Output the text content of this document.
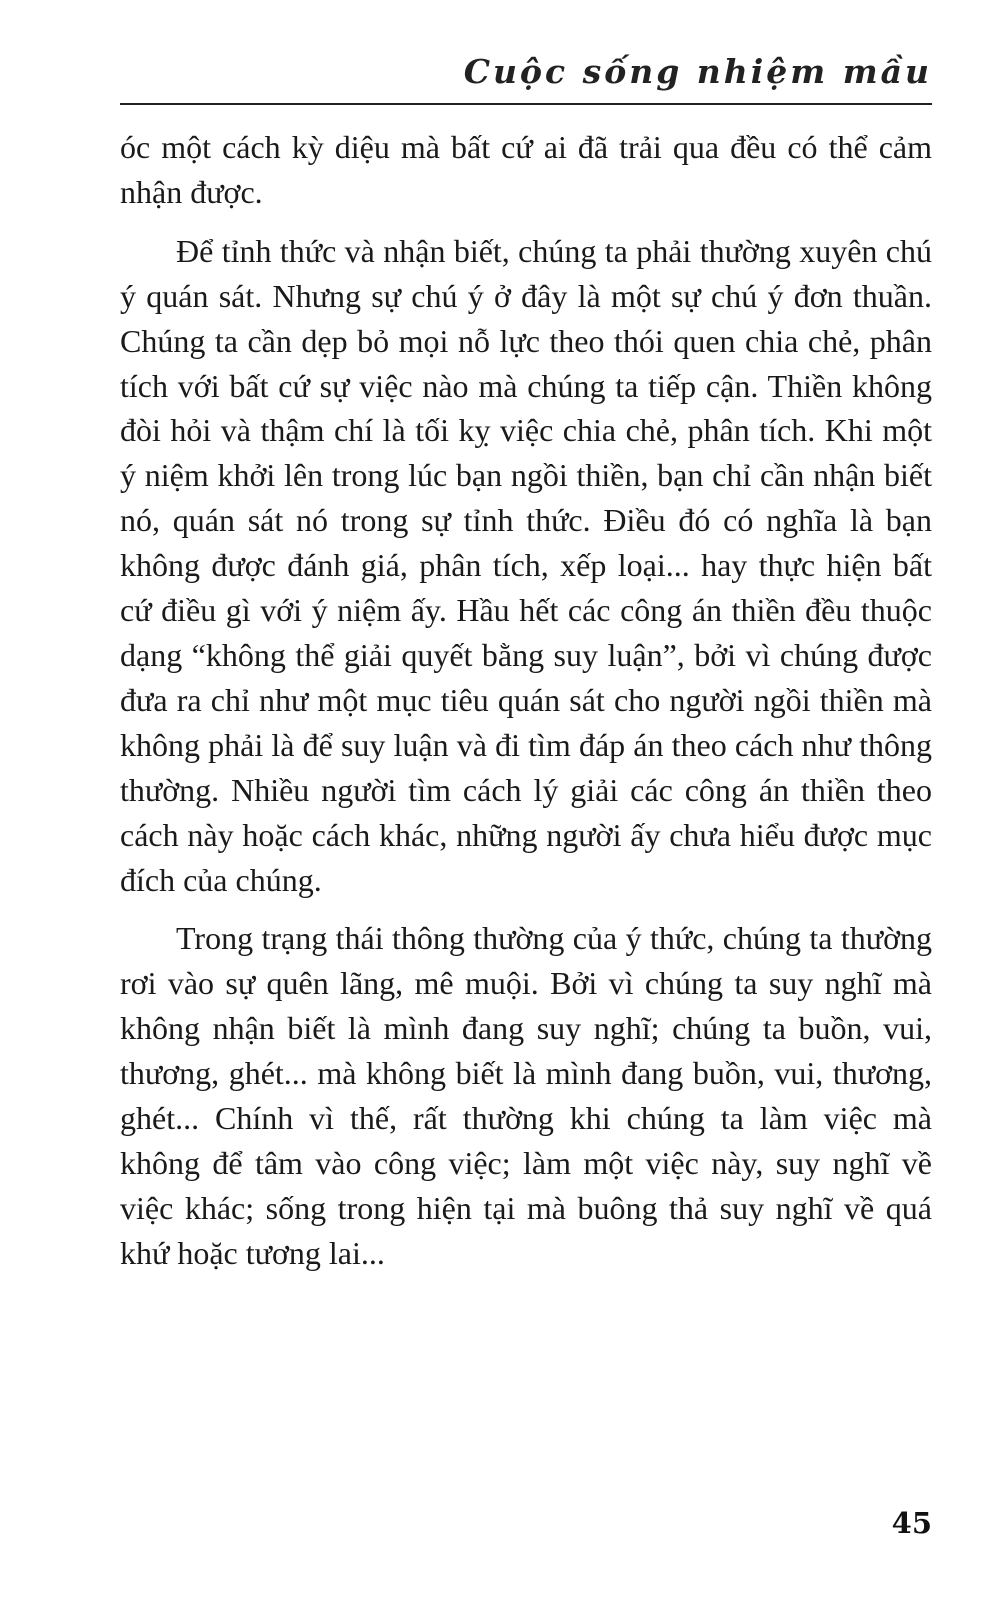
Cuộc sống nhiệm mầu

óc một cách kỳ diệu mà bất cứ ai đã trải qua đều có thể cảm nhận được.

Để tỉnh thức và nhận biết, chúng ta phải thường xuyên chú ý quán sát. Nhưng sự chú ý ở đây là một sự chú ý đơn thuần. Chúng ta cần dẹp bỏ mọi nỗ lực theo thói quen chia chẻ, phân tích với bất cứ sự việc nào mà chúng ta tiếp cận. Thiền không đòi hỏi và thậm chí là tối kỵ việc chia chẻ, phân tích. Khi một ý niệm khởi lên trong lúc bạn ngồi thiền, bạn chỉ cần nhận biết nó, quán sát nó trong sự tỉnh thức. Điều đó có nghĩa là bạn không được đánh giá, phân tích, xếp loại... hay thực hiện bất cứ điều gì với ý niệm ấy. Hầu hết các công án thiền đều thuộc dạng “không thể giải quyết bằng suy luận”, bởi vì chúng được đưa ra chỉ như một mục tiêu quán sát cho người ngồi thiền mà không phải là để suy luận và đi tìm đáp án theo cách như thông thường. Nhiều người tìm cách lý giải các công án thiền theo cách này hoặc cách khác, những người ấy chưa hiểu được mục đích của chúng.

Trong trạng thái thông thường của ý thức, chúng ta thường rơi vào sự quên lãng, mê muội. Bởi vì chúng ta suy nghĩ mà không nhận biết là mình đang suy nghĩ; chúng ta buồn, vui, thương, ghét... mà không biết là mình đang buồn, vui, thương, ghét... Chính vì thế, rất thường khi chúng ta làm việc mà không để tâm vào công việc; làm một việc này, suy nghĩ về việc khác; sống trong hiện tại mà buông thả suy nghĩ về quá khứ hoặc tương lai...

45
